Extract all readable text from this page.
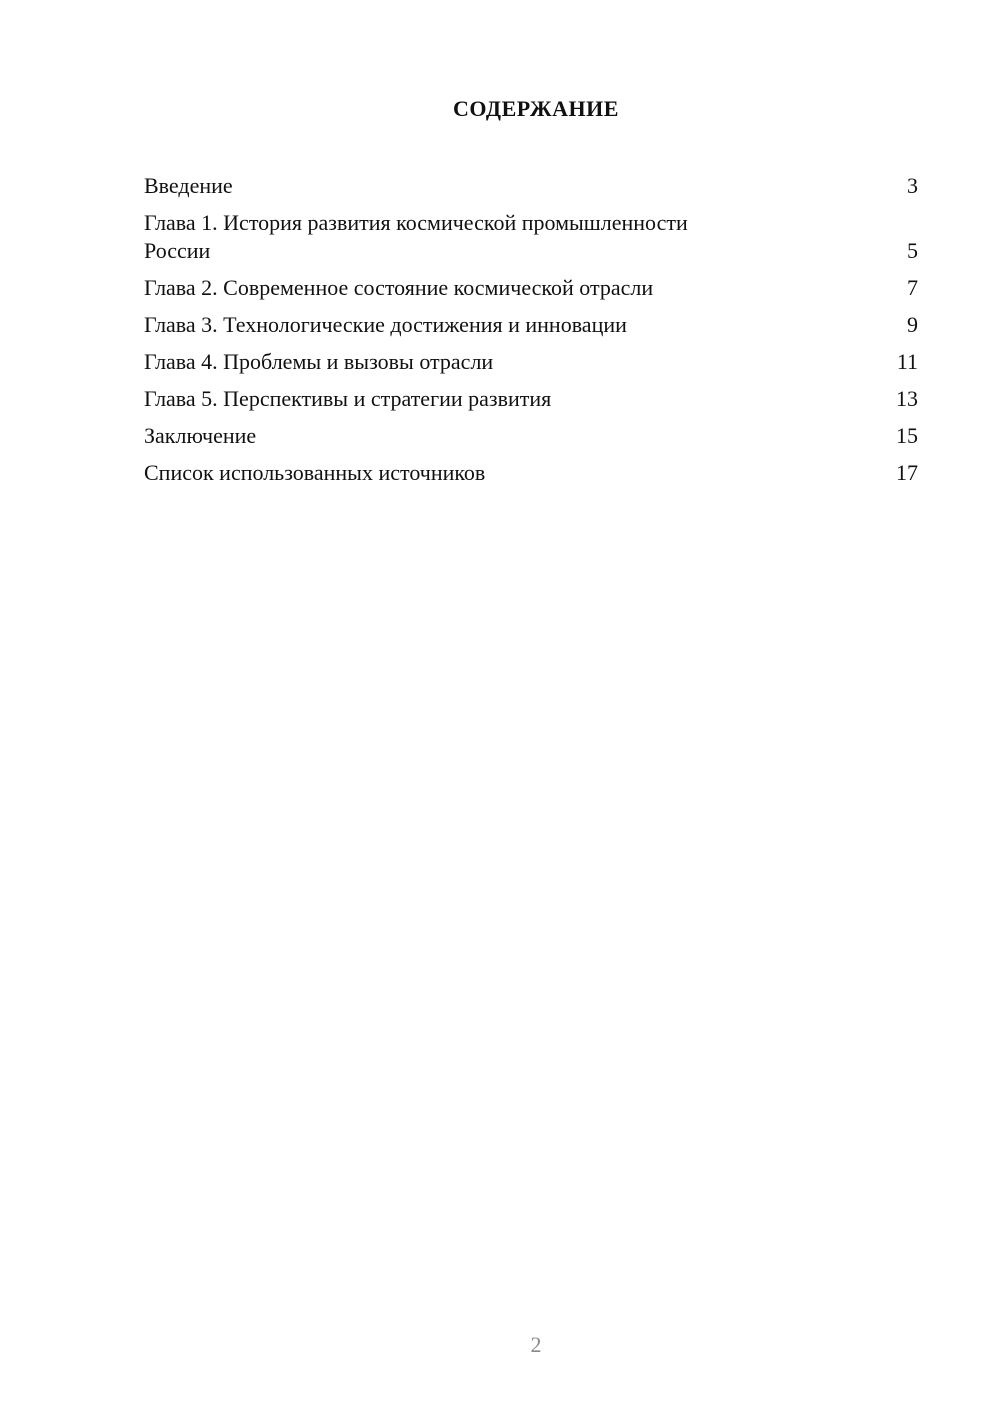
СОДЕРЖАНИЕ
Введение	3
Глава 1. История развития космической промышленности
России	5
Глава 2. Современное состояние космической отрасли	7
Глава 3. Технологические достижения и инновации	9
Глава 4. Проблемы и вызовы отрасли	11
Глава 5. Перспективы и стратегии развития	13
Заключение	15
Список использованных источников	17
2
